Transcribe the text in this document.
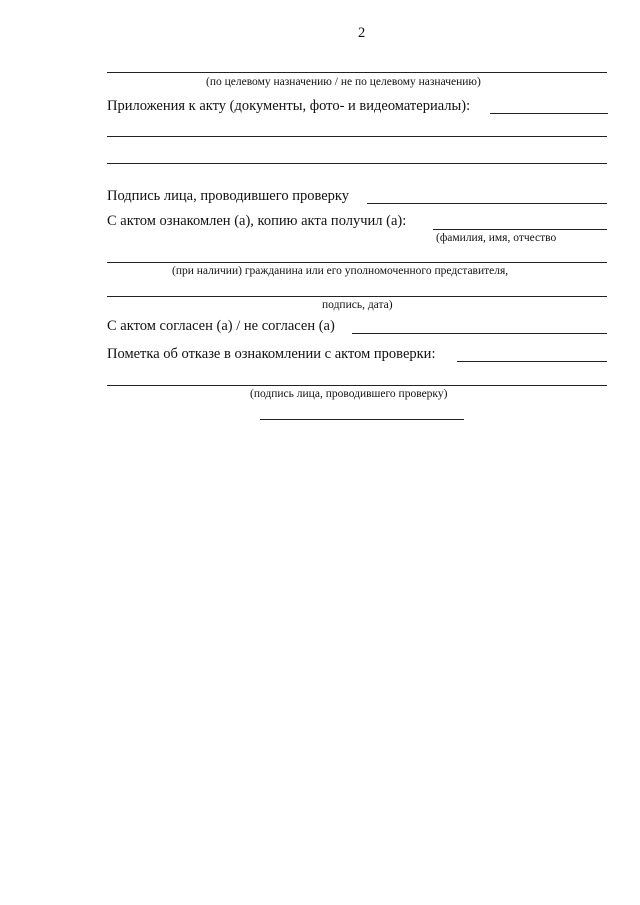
2
(по целевому назначению / не по целевому назначению)
Приложения к акту (документы, фото- и видеоматериалы):
Подпись лица, проводившего проверку
С актом ознакомлен (а), копию акта получил (а):
(фамилия, имя, отчество
(при наличии) гражданина или его уполномоченного представителя,
подпись, дата)
С актом согласен (а) / не согласен (а)
Пометка об отказе в ознакомлении с актом проверки:
(подпись лица, проводившего проверку)
